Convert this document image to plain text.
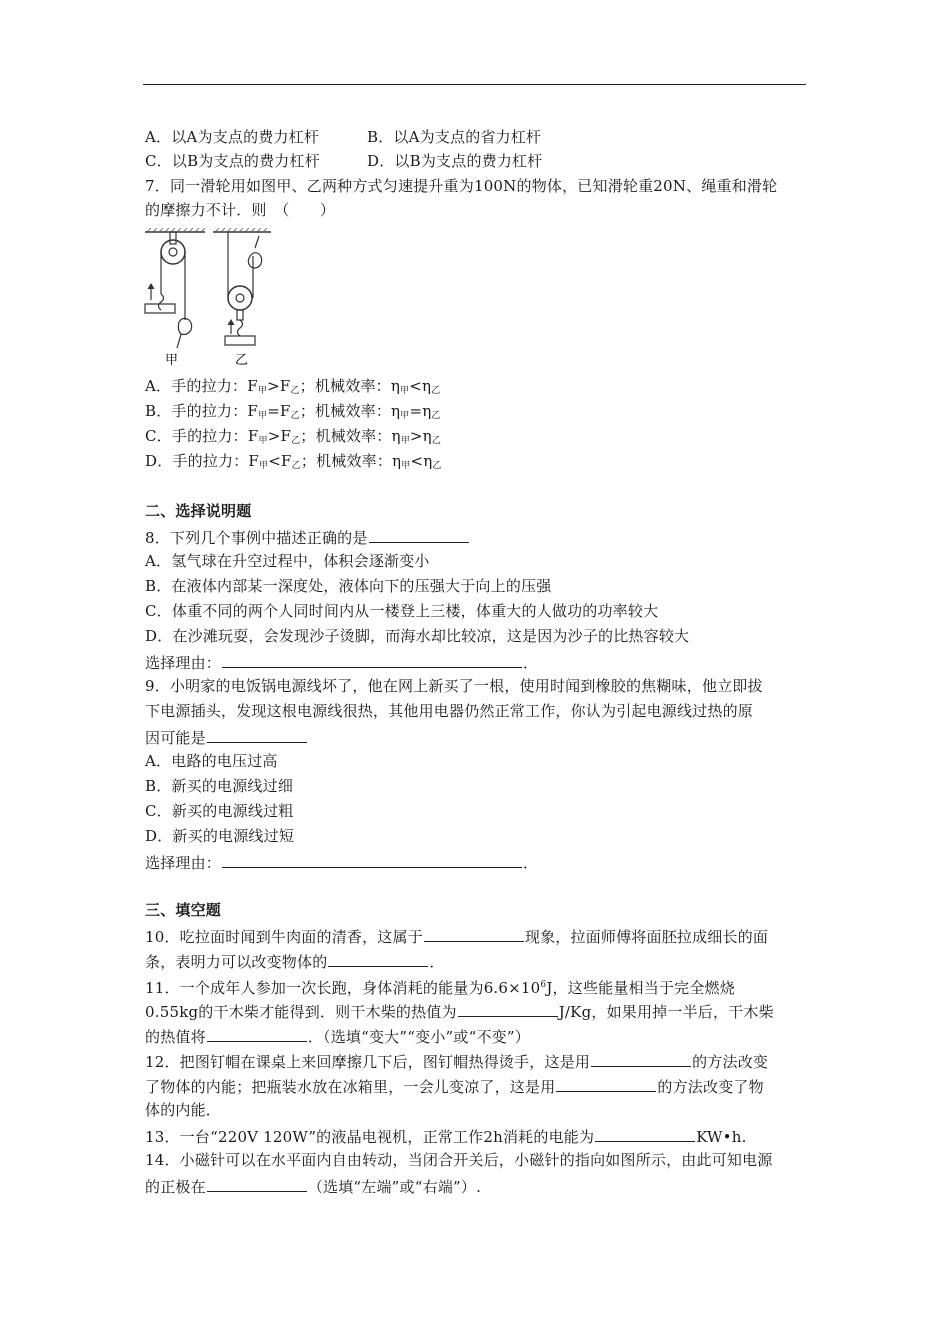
A．以A为支点的费力杠杆	B．以A为支点的省力杠杆
C．以B为支点的费力杠杆	D．以B为支点的费力杠杆
7．同一滑轮用如图甲、乙两种方式匀速提升重为100N的物体，已知滑轮重20N、绳重和滑轮
的摩擦力不计．则　（　　）
甲	乙
A．手的拉力：$F_甲>F_乙$；机械效率：$\eta_甲<\eta_乙$
B．手的拉力：$F_甲=F_乙$；机械效率：$\eta_甲=\eta_乙$
C．手的拉力：$F_甲>F_乙$；机械效率：$\eta_甲>\eta_乙$
D．手的拉力：$F_甲<F_乙$；机械效率：$\eta_甲<\eta_乙$
二、选择说明题
8．下列几个事例中描述正确的是
A．氢气球在升空过程中，体积会逐渐变小
B．在液体内部某一深度处，液体向下的压强大于向上的压强
C．体重不同的两个人同时间内从一楼登上三楼，体重大的人做功的功率较大
D．在沙滩玩耍，会发现沙子烫脚，而海水却比较凉，这是因为沙子的比热容较大
选择理由：	．
9．小明家的电饭锅电源线坏了，他在网上新买了一根，使用时闻到橡胶的焦糊味，他立即拔
下电源插头，发现这根电源线很热，其他用电器仍然正常工作，你认为引起电源线过热的原
因可能是
A．电路的电压过高
B．新买的电源线过细
C．新买的电源线过粗
D．新买的电源线过短
选择理由：	．
三、填空题
10．吃拉面时闻到牛肉面的清香，这属于	现象，拉面师傅将面胚拉成细长的面
条，表明力可以改变物体的	．
11．一个成年人参加一次长跑，身体消耗的能量为$6.6\times 10^6J$，这些能量相当于完全燃烧
0.55kg的干木柴才能得到．则干木柴的热值为	J/Kg，如果用掉一半后，干木柴
的热值将	．（选填“变大”“变小”或“不变”）
12．把图钉帽在课桌上来回摩擦几下后，图钉帽热得烫手，这是用	的方法改变
了物体的内能；把瓶装水放在冰箱里，一会儿变凉了，这是用	的方法改变了物
体的内能．
13．一台“220V 120W”的液晶电视机，正常工作2h消耗的电能为	KW•h.
14．小磁针可以在水平面内自由转动，当闭合开关后，小磁针的指向如图所示，由此可知电源
的正极在	（选填“左端”或“右端”）.
